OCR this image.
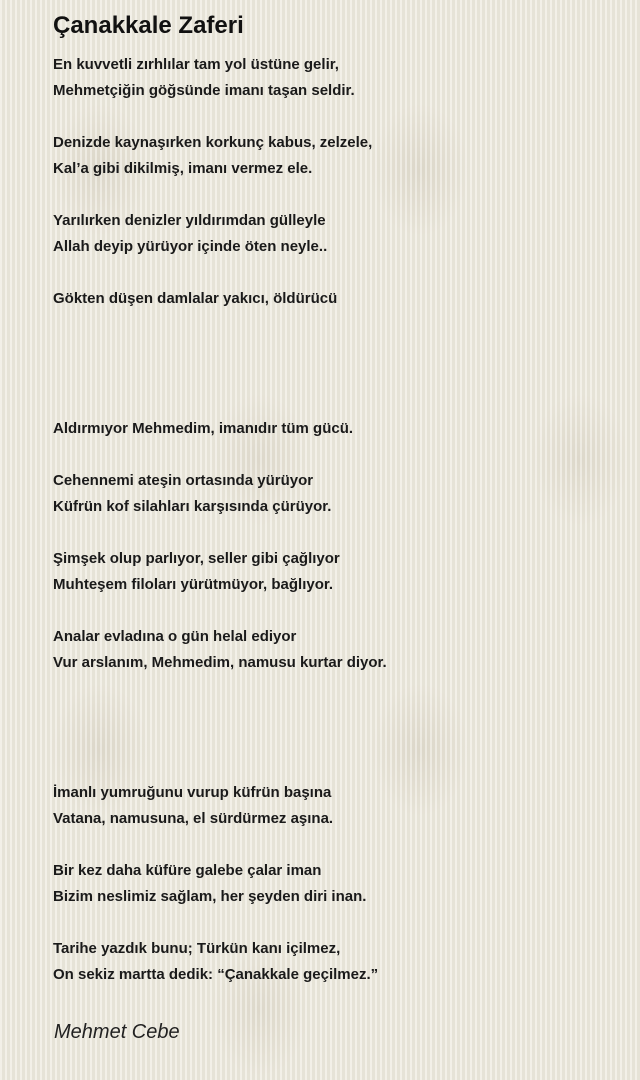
Çanakkale Zaferi

En kuvvetli zırhlılar tam yol üstüne gelir,
Mehmetçiğin göğsünde imanı taşan seldir.

Denizde kaynaşırken korkunç kabus, zelzele,
Kal’a gibi dikilmiş, imanı vermez ele.

Yarılırken denizler yıldırımdan gülleyle
Allah deyip yürüyor içinde öten neyle..

Gökten düşen damlalar yakıcı, öldürücü

Aldırmıyor Mehmedim, imanıdır tüm gücü.

Cehennemi ateşin ortasında yürüyor
Küfrün kof silahları karşısında çürüyor.

Şimşek olup parlıyor, seller gibi çağlıyor
Muhteşem filoları yürütmüyor, bağlıyor.

Analar evladına o gün helal ediyor
Vur arslanım, Mehmedim, namusu kurtar diyor.

İmanlı yumruğunu vurup küfrün başına
Vatana, namusuna, el sürdürmez aşına.

Bir kez daha küfüre galebe çalar iman
Bizim neslimiz sağlam, her şeyden diri inan.

Tarihe yazdık bunu; Türkün kanı içilmez,
On sekiz martta dedik: “Çanakkale geçilmez.”

Mehmet Cebe
